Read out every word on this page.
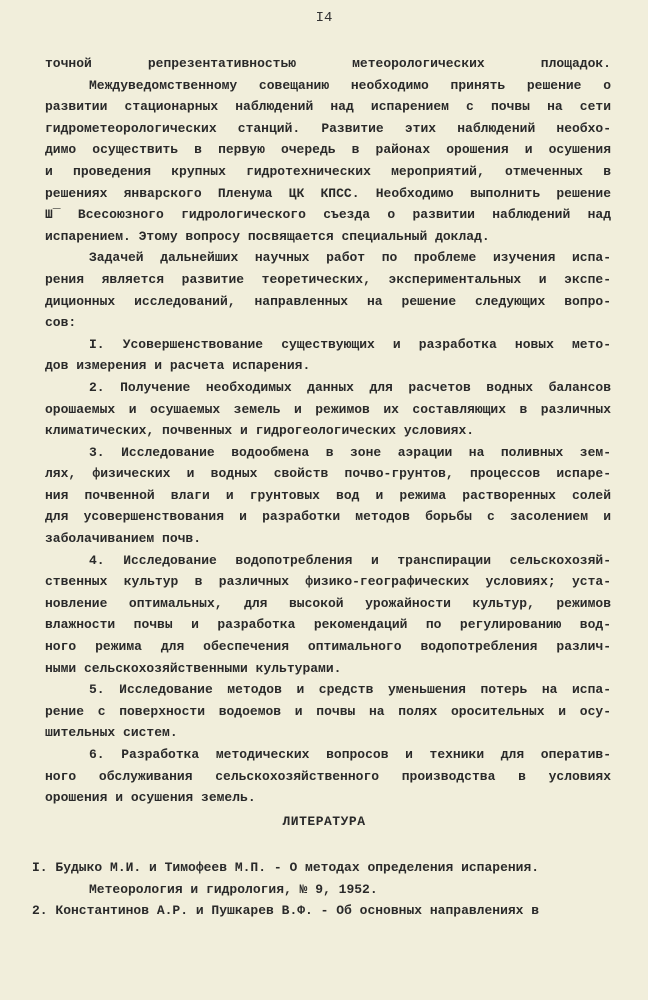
I4
точной репрезентативностью метеорологических площадок.
Междуведомственному совещанию необходимо принять решение о
развитии стационарных наблюдений над испарением с почвы на сети
гидрометеорологических станций. Развитие этих наблюдений необхо-
димо осуществить в первую очередь в районах орошения и осушения
и проведения крупных гидротехнических мероприятий, отмеченных в
решениях январского Пленума ЦК КПСС. Необходимо выполнить решение
Ш¯ Всесоюзного гидрологического съезда о развитии наблюдений над
испарением. Этому вопросу посвящается специальный доклад.
Задачей дальнейших научных работ по проблеме изучения испа-
рения является развитие теоретических, экспериментальных и экспе-
диционных исследований, направленных на решение следующих вопро-
сов:
I. Усовершенствование существующих и разработка новых мето-
дов измерения и расчета испарения.
2. Получение необходимых данных для расчетов водных балансов
орошаемых и осушаемых земель и режимов их составляющих в различных
климатических, почвенных и гидрогеологических условиях.
3. Исследование водообмена в зоне аэрации на поливных зем-
лях, физических и водных свойств почво-грунтов, процессов испаре-
ния почвенной влаги и грунтовых вод и режима растворенных солей
для усовершенствования и разработки методов борьбы с засолением и
заболачиванием почв.
4. Исследование водопотребления и транспирации сельскохозяй-
ственных культур в различных физико-географических условиях; уста-
новление оптимальных, для высокой урожайности культур, режимов
влажности почвы и разработка рекомендаций по регулированию вод-
ного режима для обеспечения оптимального водопотребления различ-
ными сельскохозяйственными культурами.
5. Исследование методов и средств уменьшения потерь на испа-
рение с поверхности водоемов и почвы на полях оросительных и осу-
шительных систем.
6. Разработка методических вопросов и техники для оперaтив-
ного обслуживания сельскохозяйственного производства в условиях
орошения и осушения земель.
ЛИТЕРАТУРА
I. Будыко М.И. и Тимофеев М.П. - О методах определения испарения.
Метеорология и гидрология, № 9, 1952.
2. Константинов А.Р. и Пушкарев В.Ф. - Об основных направлениях в
